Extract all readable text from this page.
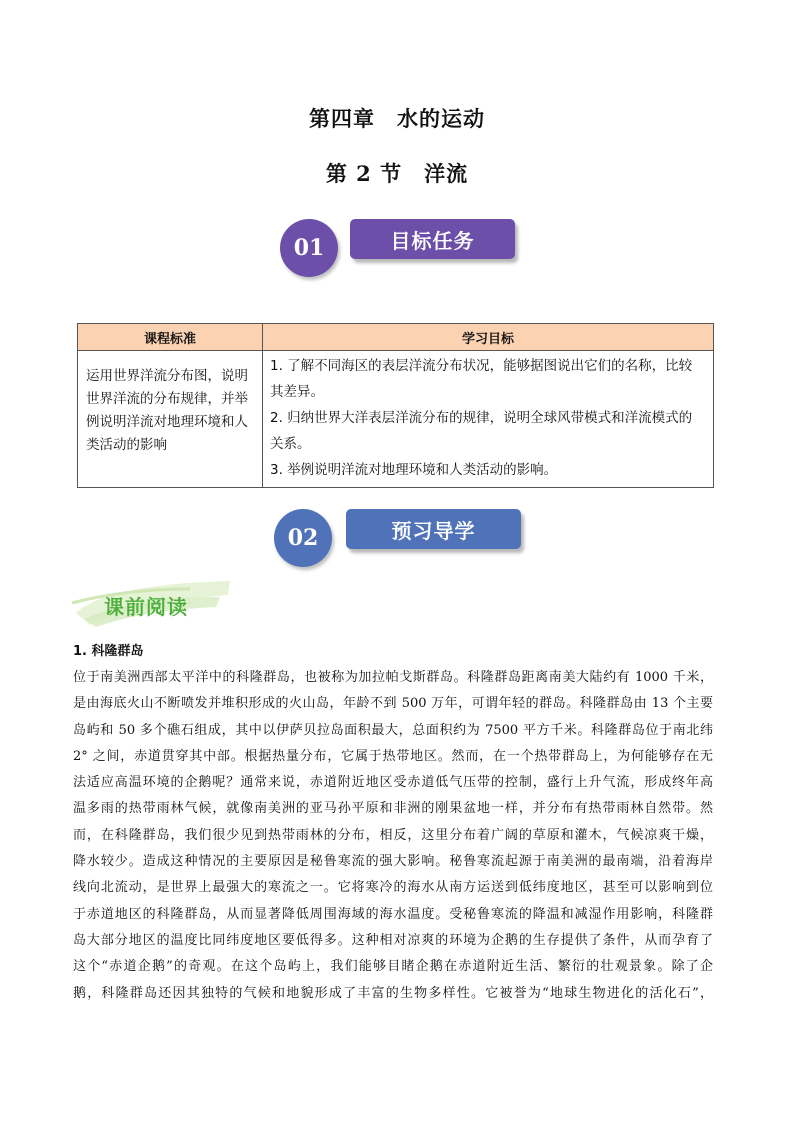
第四章　水的运动
第 2 节　洋流
01	目标任务
课程标准	学习目标

运用世界洋流分布图，说明
世界洋流的分布规律，并举
例说明洋流对地理环境和人
类活动的影响	1. 了解不同海区的表层洋流分布状况，能够据图说出它们的名称，比较
其差异。
2. 归纳世界大洋表层洋流分布的规律，说明全球风带模式和洋流模式的
关系。
3. 举例说明洋流对地理环境和人类活动的影响。
02	预习导学
课前阅读
1. 科隆群岛
位于南美洲西部太平洋中的科隆群岛，也被称为加拉帕戈斯群岛。科隆群岛距离南美大陆约有 1000 千米，
是由海底火山不断喷发并堆积形成的火山岛，年龄不到 500 万年，可谓年轻的群岛。科隆群岛由 13 个主要
岛屿和 50 多个礁石组成，其中以伊萨贝拉岛面积最大，总面积约为 7500 平方千米。科隆群岛位于南北纬
2° 之间，赤道贯穿其中部。根据热量分布，它属于热带地区。然而，在一个热带群岛上，为何能够存在无
法适应高温环境的企鹅呢？通常来说，赤道附近地区受赤道低气压带的控制，盛行上升气流，形成终年高
温多雨的热带雨林气候，就像南美洲的亚马孙平原和非洲的刚果盆地一样，并分布有热带雨林自然带。然
而，在科隆群岛，我们很少见到热带雨林的分布，相反，这里分布着广阔的草原和灌木，气候凉爽干燥，
降水较少。造成这种情况的主要原因是秘鲁寒流的强大影响。秘鲁寒流起源于南美洲的最南端，沿着海岸
线向北流动，是世界上最强大的寒流之一。它将寒冷的海水从南方运送到低纬度地区，甚至可以影响到位
于赤道地区的科隆群岛，从而显著降低周围海域的海水温度。受秘鲁寒流的降温和减湿作用影响，科隆群
岛大部分地区的温度比同纬度地区要低得多。这种相对凉爽的环境为企鹅的生存提供了条件，从而孕育了
这个“赤道企鹅”的奇观。在这个岛屿上，我们能够目睹企鹅在赤道附近生活、繁衍的壮观景象。除了企
鹅，科隆群岛还因其独特的气候和地貌形成了丰富的生物多样性。它被誉为“地球生物进化的活化石”，
